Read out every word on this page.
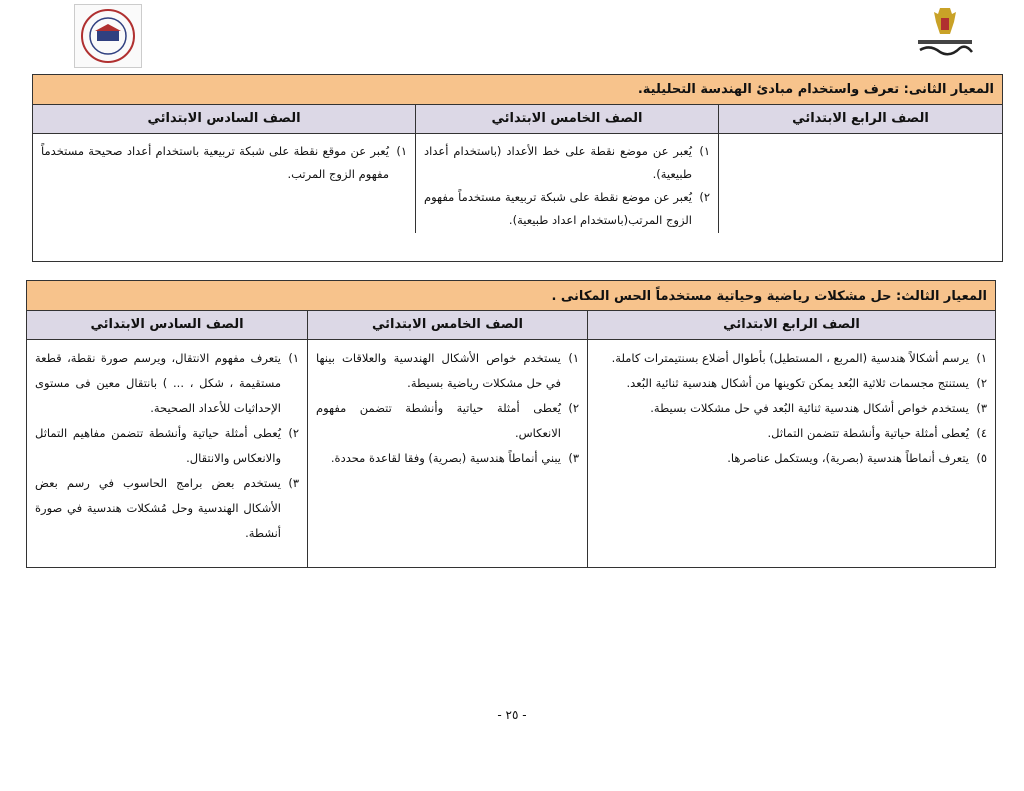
المعيار الثانى: تعرف واستخدام مبادئ الهندسة التحليلية.
الصف الرابع الابتدائي
الصف الخامس الابتدائي
١)
يُعبر عن موضع نقطة على خط الأعداد (باستخدام أعداد طبيعية).
٢)
يُعبر عن موضع نقطة على شبكة تربيعية مستخدماً مفهوم الزوج المرتب(باستخدام اعداد طبيعية).
الصف السادس الابتدائي
١)
يُعبر عن موقع نقطة على شبكة تربيعية باستخدام أعداد صحيحة مستخدماً مفهوم الزوج المرتب.
المعيار الثالث: حل مشكلات رياضية وحياتية مستخدماً الحس المكانى .
الصف الرابع الابتدائي
١)
يرسم أشكالاً هندسية (المربع ، المستطيل) بأطوال أضلاع بسنتيمترات كاملة.
٢)
يستنتج مجسمات ثلاثية البُعد يمكن تكوينها من أشكال هندسية ثنائية البُعد.
٣)
يستخدم خواص أشكال هندسية ثنائية البُعد في حل مشكلات بسيطة.
٤)
يُعطى أمثلة حياتية وأنشطة تتضمن التماثل.
٥)
يتعرف أنماطاً هندسية (بصرية)، ويستكمل عناصرها.
الصف الخامس الابتدائي
١)
يستخدم خواص الأشكال الهندسية والعلاقات بينها في حل مشكلات رياضية بسيطة.
٢)
يُعطى أمثلة حياتية وأنشطة تتضمن مفهوم الانعكاس.
٣)
يبني أنماطاً هندسية (بصرية) وفقا لقاعدة محددة.
الصف السادس الابتدائي
١)
يتعرف مفهوم الانتقال، ويرسم صورة نقطة، قطعة مستقيمة ، شكل ، ... ) بانتقال معين فى مستوى الإحداثيات للأعداد الصحيحة.
٢)
يُعطى أمثلة حياتية وأنشطة تتضمن مفاهيم التماثل والانعكاس والانتقال.
٣)
يستخدم بعض برامج الحاسوب في رسم بعض الأشكال الهندسية وحل مُشكلات هندسية في صورة أنشطة.
- ٢٥ -
